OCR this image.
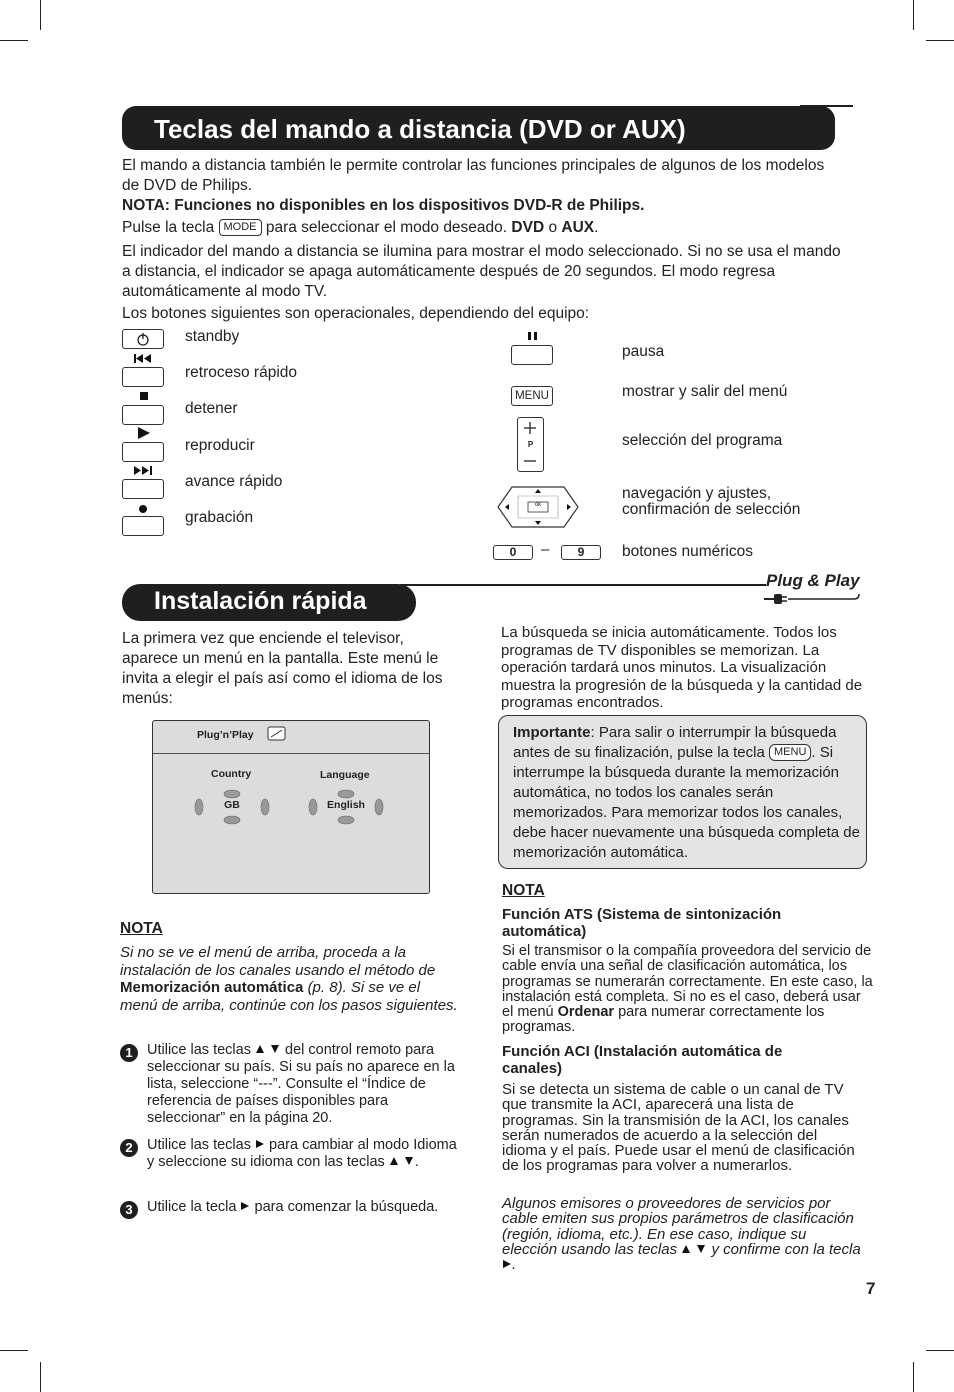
Teclas del mando a distancia (DVD or AUX)

El mando a distancia también le permite controlar las funciones principales de algunos de los modelos de DVD de Philips.

NOTA: Funciones no disponibles en los dispositivos DVD-R de Philips.

Pulse la tecla MODE para seleccionar el modo deseado. DVD o AUX.

El indicador del mando a distancia se ilumina para mostrar el modo seleccionado. Si no se usa el mando a distancia, el indicador se apaga automáticamente después de 20 segundos. El modo regresa automáticamente al modo TV.

Los botones siguientes son operacionales, dependiendo del equipo:

standby
retroceso rápido
detener
reproducir
avance rápido
grabación
pausa
MENU	mostrar y salir del menú
P	selección del programa
ok
navegación y ajustes,
confirmación de selección
0	–	9	botones numéricos
Instalación rápida
Plug & Play

La primera vez que enciende el televisor, aparece un menú en la pantalla. Este menú le invita a elegir el país así como el idioma de los menús:

Plug’n’Play
Country	Language
GB	English
NOTA

Si no se ve el menú de arriba, proceda a la instalación de los canales usando el método de Memorización automática (p. 8). Si se ve el menú de arriba, continúe con los pasos siguientes.

1 Utilice las teclas del control remoto para seleccionar su país. Si su país no aparece en la lista, seleccione “---”. Consulte el “Índice de referencia de países disponibles para seleccionar” en la página 20.
2 Utilice las teclas para cambiar al modo Idioma y seleccione su idioma con las teclas .
3 Utilice la tecla para comenzar la búsqueda.

La búsqueda se inicia automáticamente. Todos los programas de TV disponibles se memorizan. La operación tardará unos minutos. La visualización muestra la progresión de la búsqueda y la cantidad de programas encontrados.

Importante: Para salir o interrumpir la búsqueda antes de su finalización, pulse la tecla MENU . Si interrumpe la búsqueda durante la memorización automática, no todos los canales serán memorizados. Para memorizar todos los canales, debe hacer nuevamente una búsqueda completa de memorización automática.

NOTA
Función ATS (Sistema de sintonización automática)

Si el transmisor o la compañía proveedora del servicio de cable envía una señal de clasificación automática, los programas se numerarán correctamente. En este caso, la instalación está completa. Si no es el caso, deberá usar el menú Ordenar para numerar correctamente los programas.

Función ACI (Instalación automática de canales)

Si se detecta un sistema de cable o un canal de TV que transmite la ACI, aparecerá una lista de programas. Sin la transmisión de la ACI, los canales serán numerados de acuerdo a la selección del idioma y el país. Puede usar el menú de clasificación de los programas para volver a numerarlos.

Algunos emisores o proveedores de servicios por cable emiten sus propios parámetros de clasificación (región, idioma, etc.). En ese caso, indique su elección usando las teclas y confirme con la tecla .

7
